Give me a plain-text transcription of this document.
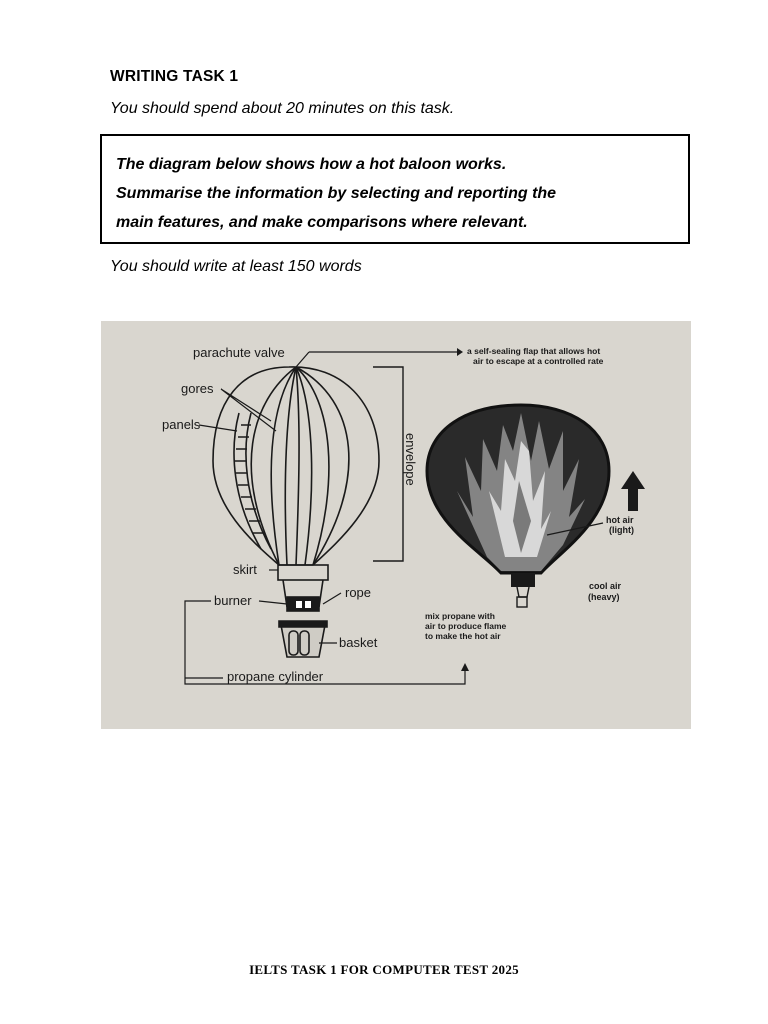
WRITING TASK 1
You should spend about 20 minutes on this task.
The diagram below shows how a hot baloon works.
Summarise the information by selecting and reporting the
main features, and make comparisons where relevant.
You should write at least 150 words
parachute valve
gores
panels
envelope
skirt
burner
rope
basket
propane cylinder
a self-sealing flap that allows hot
air to escape at a controlled rate
hot air
(light)
cool air
(heavy)
mix propane with
air to produce flame
to make the hot air
IELTS TASK 1 FOR COMPUTER TEST 2025
